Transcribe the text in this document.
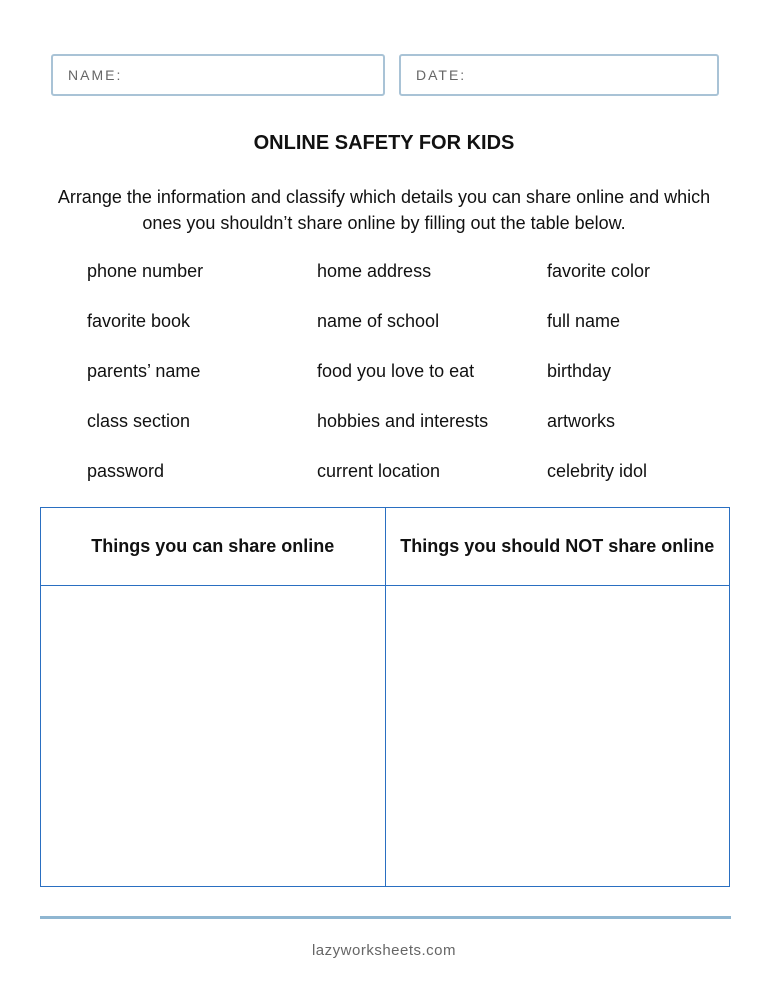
NAME:	DATE:
ONLINE SAFETY FOR KIDS
Arrange the information and classify which details you can share online and which ones you shouldn’t share online by filling out the table below.
phone number	home address	favorite color
favorite book	name of school	full name
parents’ name	food you love to eat	birthday
class section	hobbies and interests	artworks
password	current location	celebrity idol
Things you can share online	Things you should NOT share online

lazyworksheets.com
